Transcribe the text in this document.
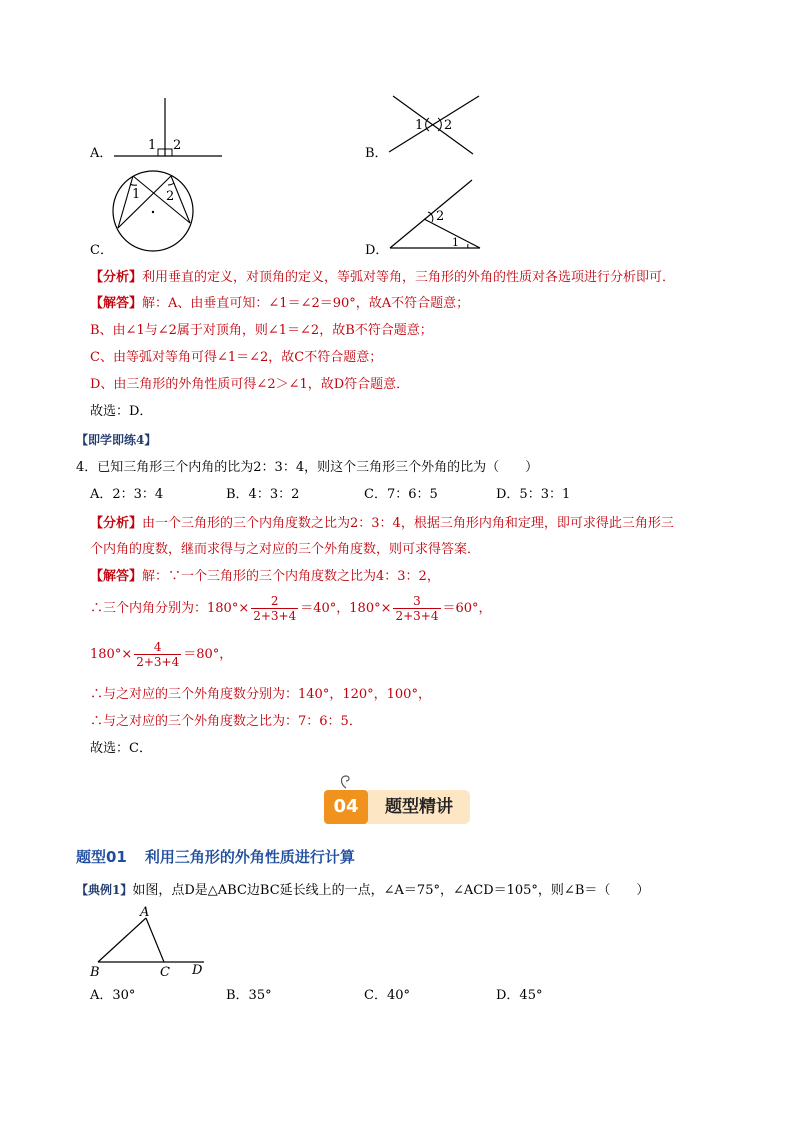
A．
1 2
B．
1 2
1 2
C．	D．
2
1
【分析】利用垂直的定义，对顶角的定义，等弧对等角，三角形的外角的性质对各选项进行分析即可．
【解答】解：A、由垂直可知：∠1＝∠2＝90°，故A不符合题意；
B、由∠1与∠2属于对顶角，则∠1＝∠2，故B不符合题意；
C、由等弧对等角可得∠1＝∠2，故C不符合题意；
D、由三角形的外角性质可得∠2＞∠1，故D符合题意．
故选：D．
【即学即练4】
4．已知三角形三个内角的比为2：3：4，则这个三角形三个外角的比为（　　）
A．2：3：4	B．4：3：2	C．7：6：5	D．5：3：1
【分析】由一个三角形的三个内角度数之比为2：3：4，根据三角形内角和定理，即可求得此三角形三
个内角的度数，继而求得与之对应的三个外角度数，则可求得答案．
【解答】解：∵一个三角形的三个内角度数之比为4：3：2，
∴三个内角分别为：$180^\circ\times \frac{2}{2+3+4} =40^\circ$，$180^\circ\times \frac{3}{2+3+4} =60^\circ$，
$180^\circ\times \frac{4}{2+3+4} =80^\circ$，
∴与之对应的三个外角度数分别为：140°，120°，100°，
∴与之对应的三个外角度数之比为：7：6：5．
故选：C．
04	题型精讲
题型01 利用三角形的外角性质进行计算
【典例1】如图，点D是△ABC边BC延长线上的一点，∠A＝75°，∠ACD＝105°，则∠B＝（　　）
A
B	C D
A．30°	B．35°	C．40°	D．45°
